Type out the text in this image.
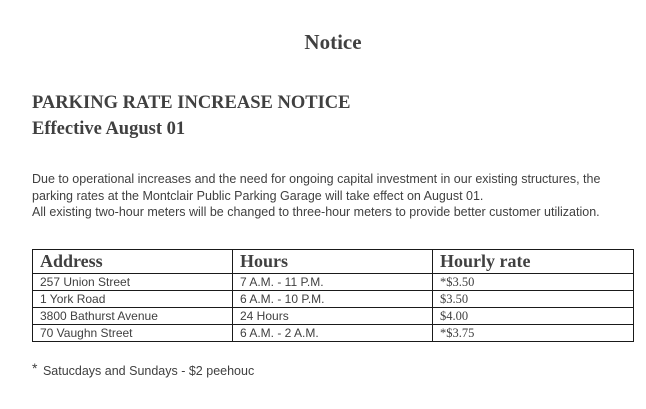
Notice
PARKING RATE INCREASE NOTICE
Effective August 01

Due to operational increases and the need for ongoing capital investment in our existing structures, the parking rates at the Montclair Public Parking Garage will take effect on August 01.

All existing two-hour meters will be changed to three-hour meters to provide better customer utilization.

Address	Hours	Hourly rate
257 Union Street	7 A.M. - 11 P.M.	*$3.50
1 York Road	6 A.M. - 10 P.M.	$3.50
3800 Bathurst Avenue	24 Hours	$4.00
70 Vaughn Street	6 A.M. - 2 A.M.	*$3.75

* Satucdays and Sundays - $2 peehouc
